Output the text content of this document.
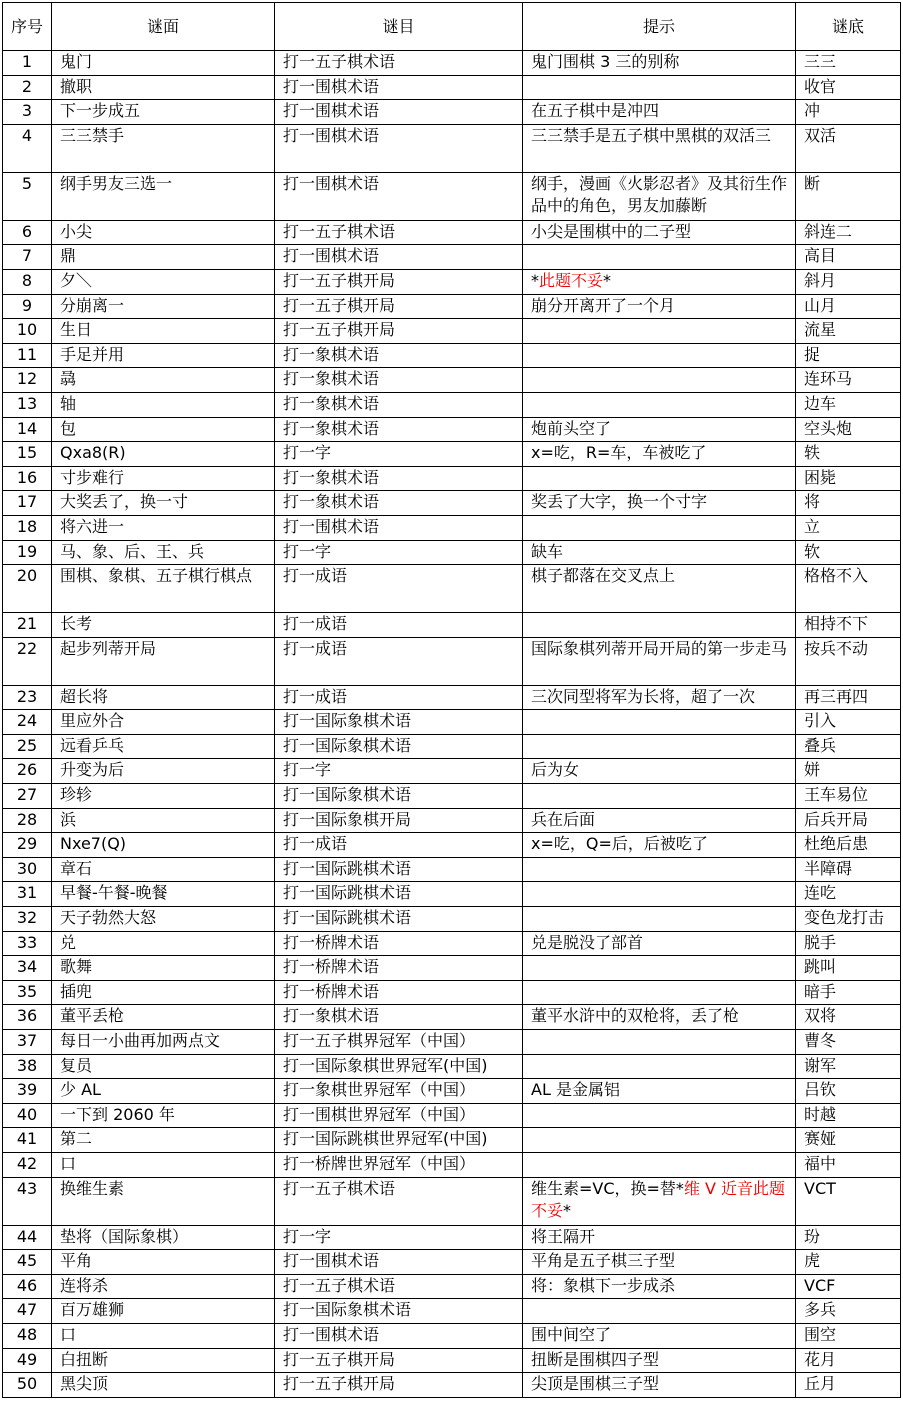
序号	谜面	谜目	提示	谜底
1	鬼门	打一五子棋术语	鬼门围棋 3 三的别称	三三
2	撤职	打一围棋术语		收官
3	下一步成五	打一围棋术语	在五子棋中是冲四	冲
4	三三禁手	打一围棋术语	三三禁手是五子棋中黑棋的双活三	双活
5	纲手男友三选一	打一围棋术语	纲手，漫画《火影忍者》及其衍生作品中的角色，男友加藤断	断
6	小尖	打一五子棋术语	小尖是围棋中的二子型	斜连二
7	鼎	打一围棋术语		高目
8	夕＼	打一五子棋开局	*此题不妥*	斜月
9	分崩离一	打一五子棋开局	崩分开离开了一个月	山月
10	生日	打一五子棋开局		流星
11	手足并用	打一象棋术语		捉
12	骉	打一象棋术语		连环马
13	轴	打一象棋术语		边车
14	包	打一象棋术语	炮前头空了	空头炮
15	Qxa8(R)	打一字	x=吃，R=车，车被吃了	轶
16	寸步难行	打一象棋术语		困毙
17	大奖丢了，换一寸	打一象棋术语	奖丢了大字，换一个寸字	将
18	将六进一	打一围棋术语		立
19	马、象、后、王、兵	打一字	缺车	软
20	围棋、象棋、五子棋行棋点	打一成语	棋子都落在交叉点上	格格不入
21	长考	打一成语		相持不下
22	起步列蒂开局	打一成语	国际象棋列蒂开局开局的第一步走马	按兵不动
23	超长将	打一成语	三次同型将军为长将，超了一次	再三再四
24	里应外合	打一国际象棋术语		引入
25	远看乒乓	打一国际象棋术语		叠兵
26	升变为后	打一字	后为女	姘
27	珍轸	打一国际象棋术语		王车易位
28	浜	打一国际象棋开局	兵在后面	后兵开局
29	Nxe7(Q)	打一成语	x=吃，Q=后，后被吃了	杜绝后患
30	章石	打一国际跳棋术语		半障碍
31	早餐-午餐-晚餐	打一国际跳棋术语		连吃
32	天子勃然大怒	打一国际跳棋术语		变色龙打击
33	兑	打一桥牌术语	兑是脱没了部首	脱手
34	歌舞	打一桥牌术语		跳叫
35	插兜	打一桥牌术语		暗手
36	董平丢枪	打一象棋术语	董平水浒中的双枪将，丢了枪	双将
37	每日一小曲再加两点文	打一五子棋界冠军（中国）		曹冬
38	复员	打一国际象棋世界冠军(中国)		谢军
39	少 AL	打一象棋世界冠军（中国）	AL 是金属铝	吕钦
40	一下到 2060 年	打一围棋世界冠军（中国）		时越
41	第二	打一国际跳棋世界冠军(中国)		赛娅
42	口	打一桥牌世界冠军（中国）		福中
43	换维生素	打一五子棋术语	维生素=VC，换=替*维 V 近音此题不妥*	VCT
44	垫将（国际象棋）	打一字	将王隔开	玢
45	平角	打一围棋术语	平角是五子棋三子型	虎
46	连将杀	打一五子棋术语	将：象棋下一步成杀	VCF
47	百万雄狮	打一国际象棋术语		多兵
48	口	打一围棋术语	围中间空了	围空
49	白扭断	打一五子棋开局	扭断是围棋四子型	花月
50	黑尖顶	打一五子棋开局	尖顶是围棋三子型	丘月
